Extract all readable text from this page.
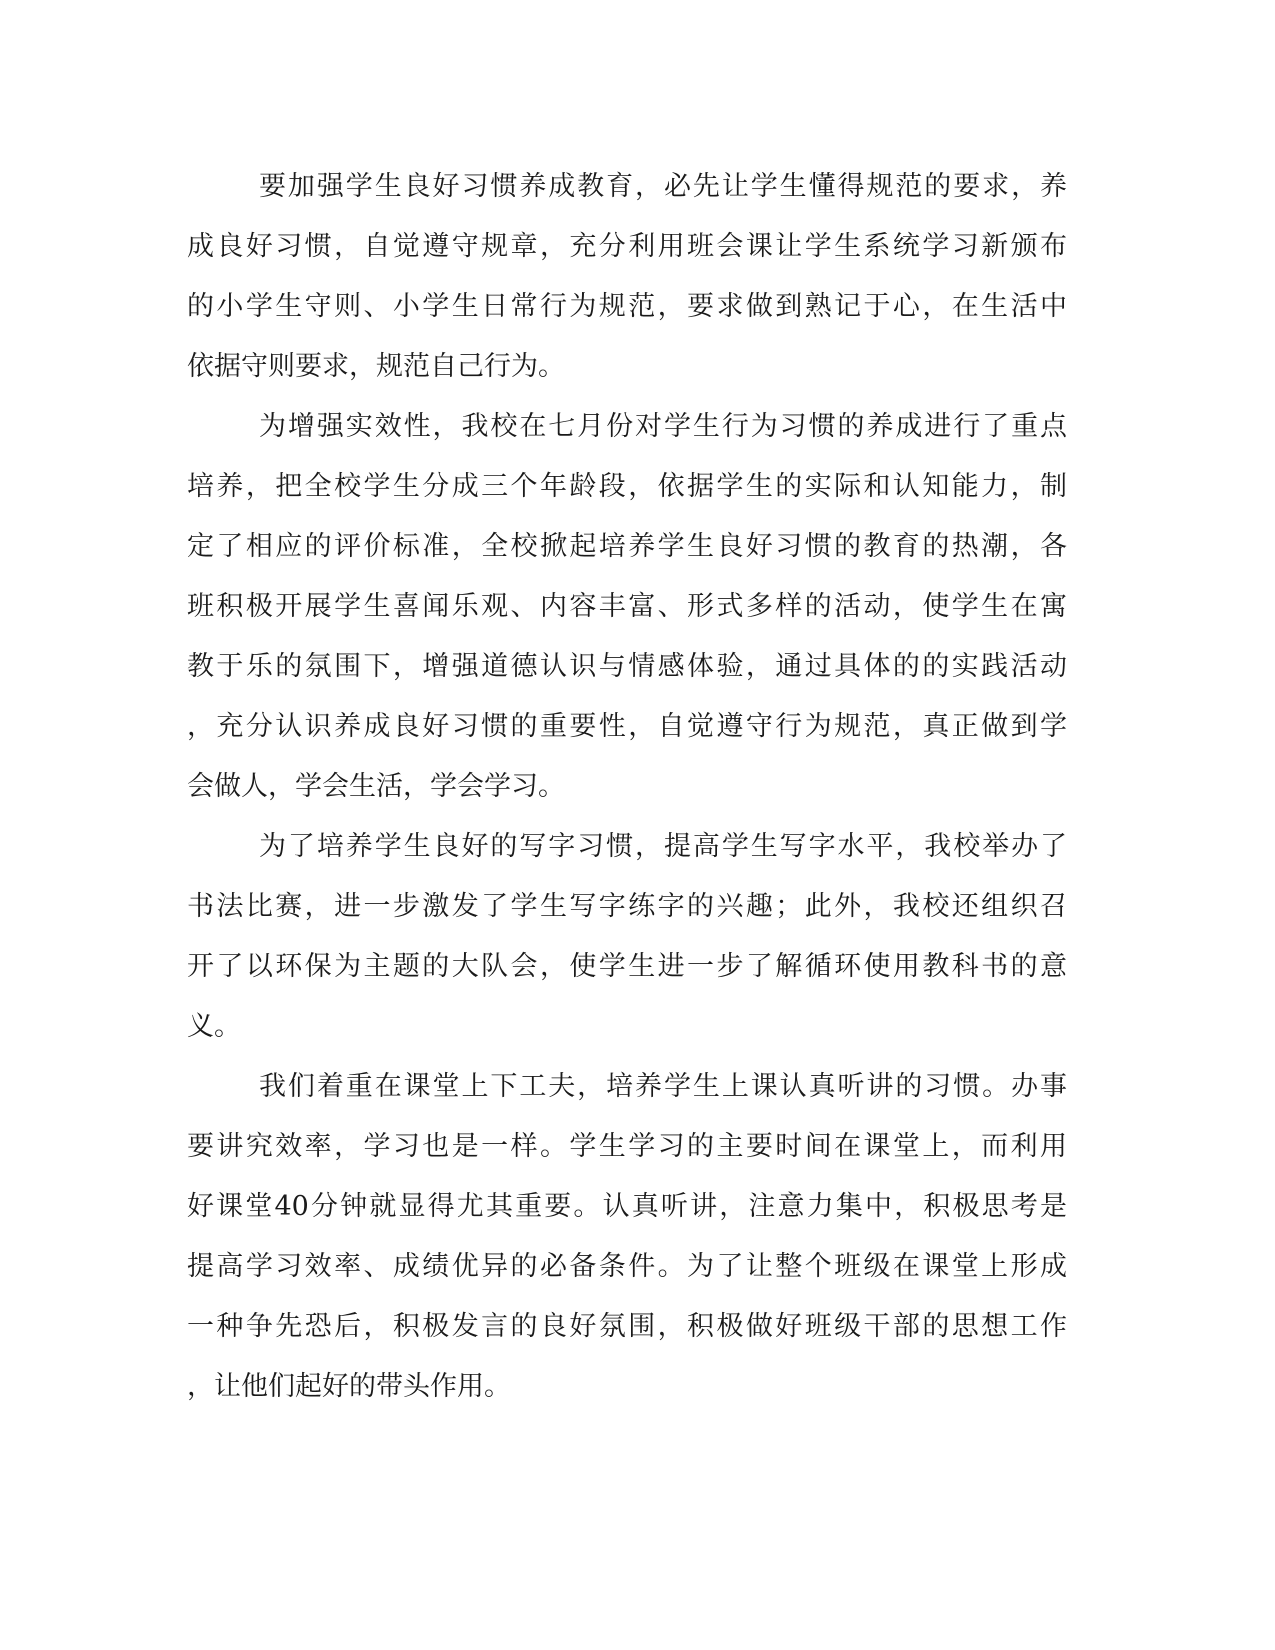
要加强学生良好习惯养成教育，必先让学生懂得规范的要求，养
成良好习惯，自觉遵守规章，充分利用班会课让学生系统学习新颁布
的小学生守则、小学生日常行为规范，要求做到熟记于心，在生活中
依据守则要求，规范自己行为。
为增强实效性，我校在七月份对学生行为习惯的养成进行了重点
培养，把全校学生分成三个年龄段，依据学生的实际和认知能力，制
定了相应的评价标准，全校掀起培养学生良好习惯的教育的热潮，各
班积极开展学生喜闻乐观、内容丰富、形式多样的活动，使学生在寓
教于乐的氛围下，增强道德认识与情感体验，通过具体的的实践活动
，充分认识养成良好习惯的重要性，自觉遵守行为规范，真正做到学
会做人，学会生活，学会学习。
为了培养学生良好的写字习惯，提高学生写字水平，我校举办了
书法比赛，进一步激发了学生写字练字的兴趣；此外，我校还组织召
开了以环保为主题的大队会，使学生进一步了解循环使用教科书的意
义。
我们着重在课堂上下工夫，培养学生上课认真听讲的习惯。办事
要讲究效率，学习也是一样。学生学习的主要时间在课堂上，而利用
好课堂40分钟就显得尤其重要。认真听讲，注意力集中，积极思考是
提高学习效率、成绩优异的必备条件。为了让整个班级在课堂上形成
一种争先恐后，积极发言的良好氛围，积极做好班级干部的思想工作
，让他们起好的带头作用。
